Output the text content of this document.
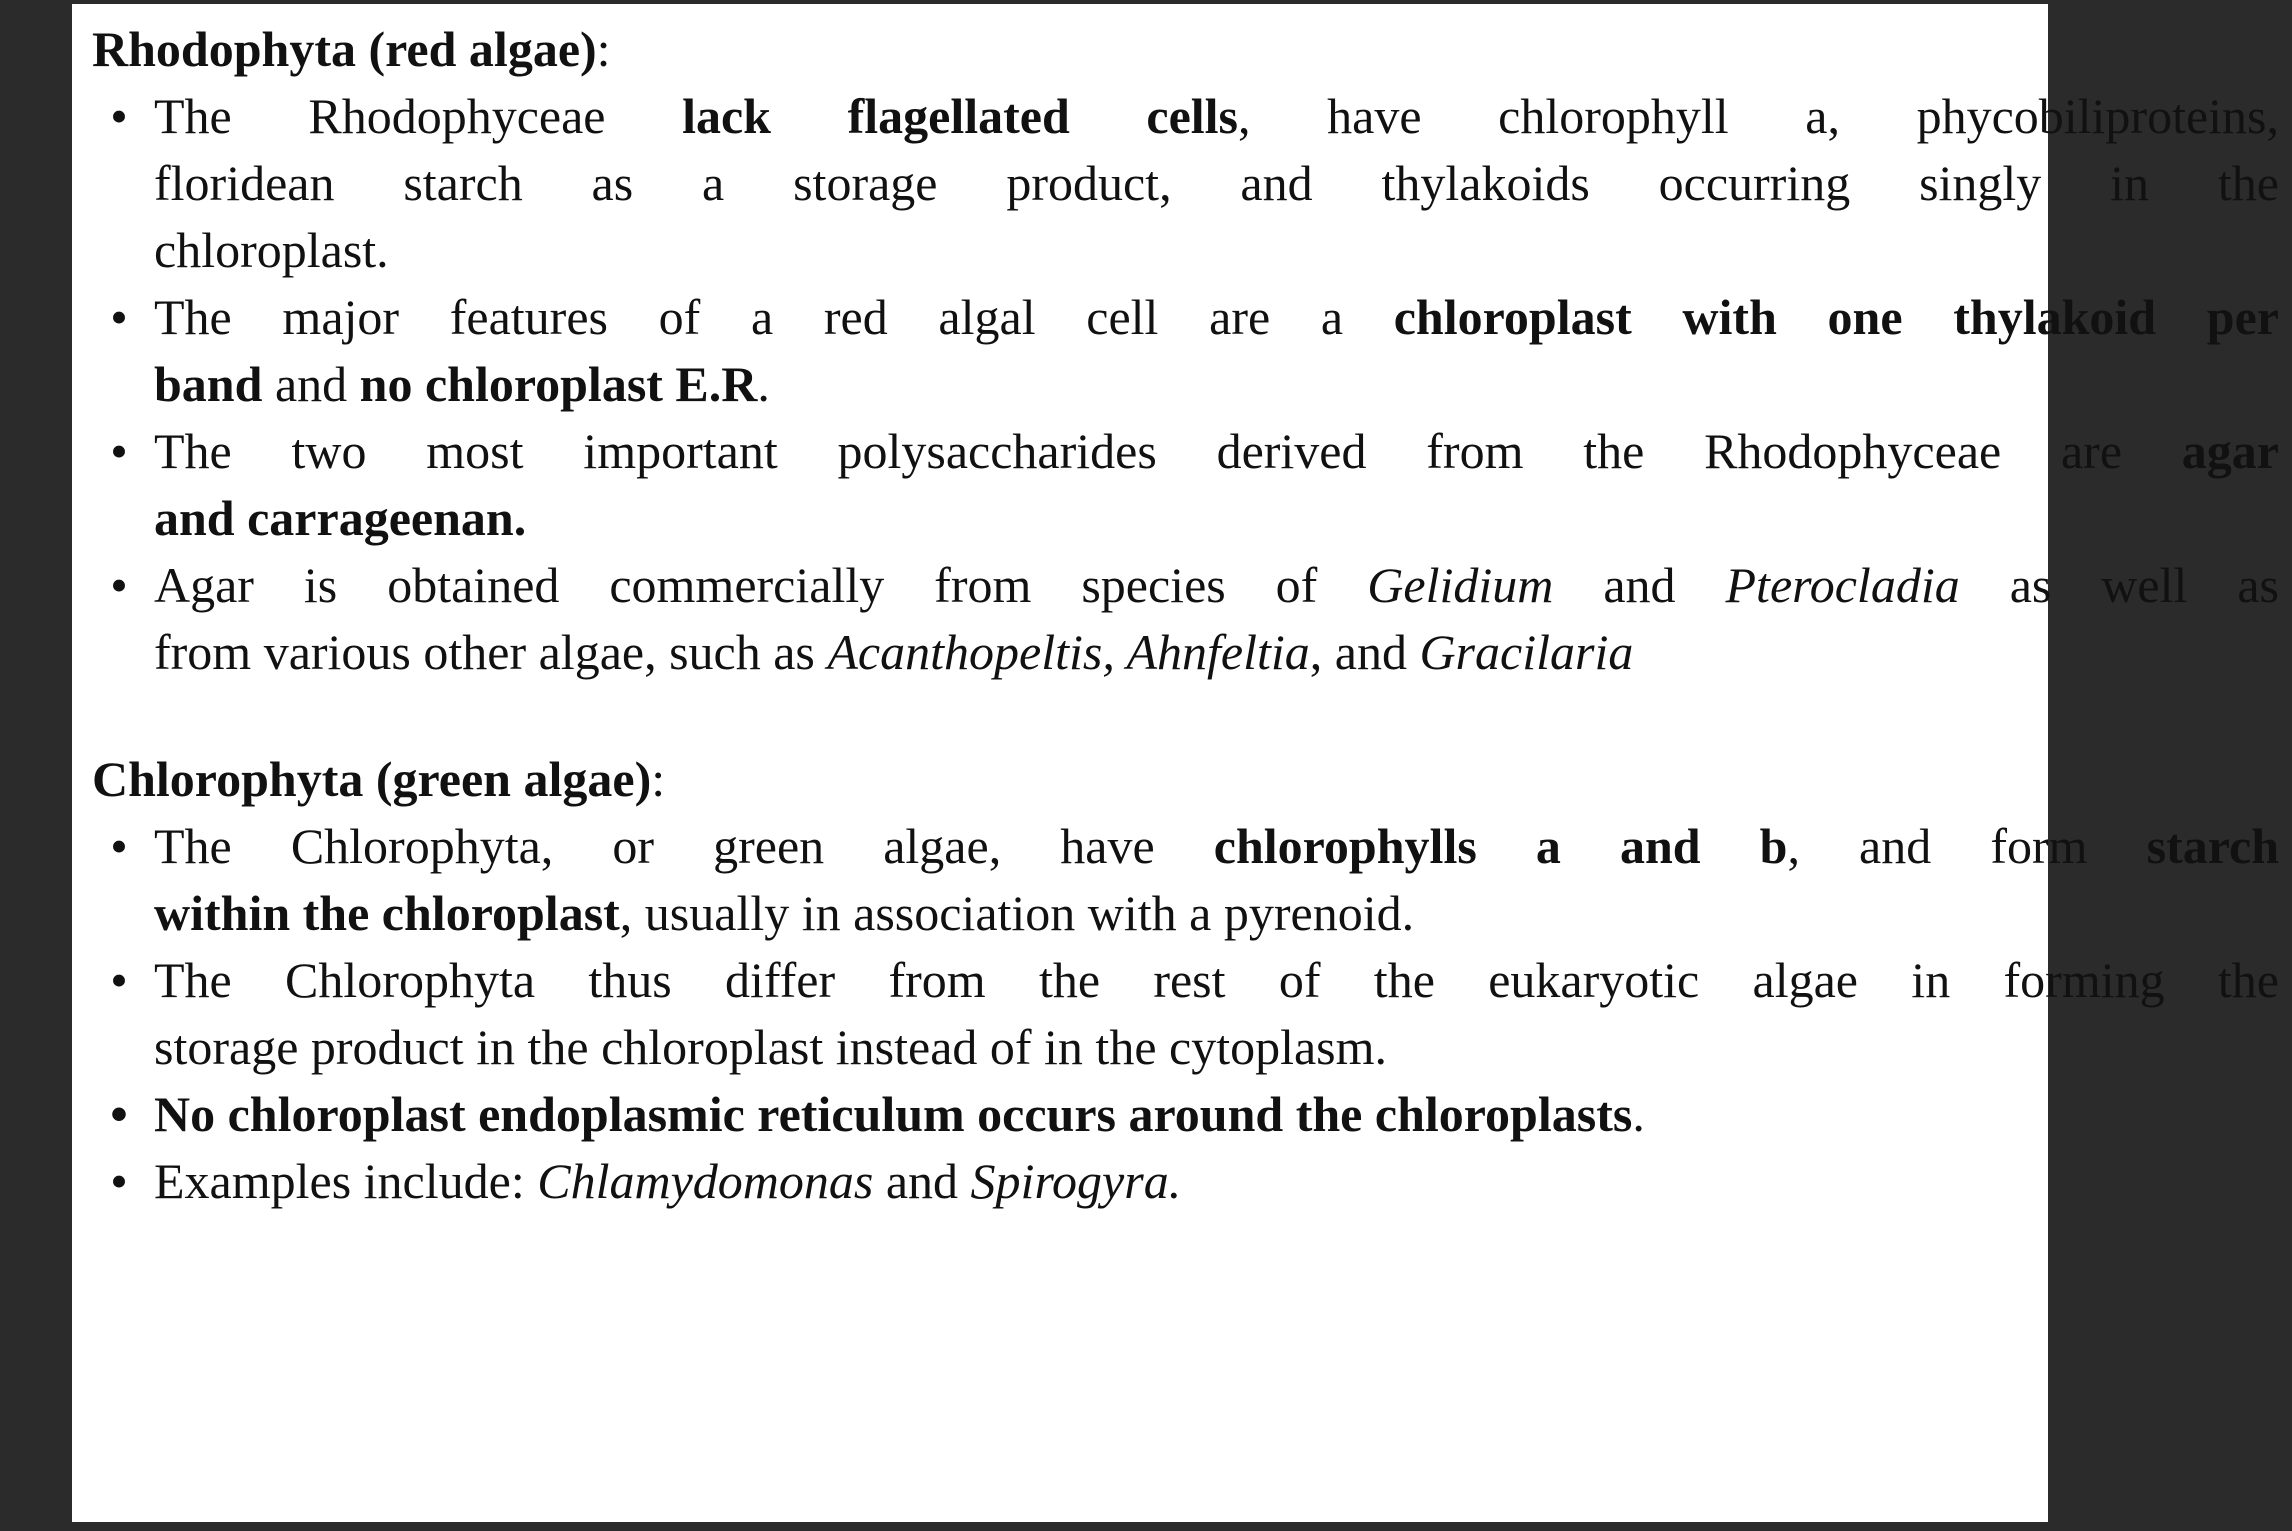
Rhodophyta (red algae):
• The Rhodophyceae lack flagellated cells, have chlorophyll a, phycobiliproteins,
floridean starch as a storage product, and thylakoids occurring singly in the
chloroplast.
• The major features of a red algal cell are a chloroplast with one thylakoid per
band and no chloroplast E.R.
• The two most important polysaccharides derived from the Rhodophyceae are agar
and carrageenan.
• Agar is obtained commercially from species of Gelidium and Pterocladia as well as
from various other algae, such as Acanthopeltis, Ahnfeltia, and Gracilaria
Chlorophyta (green algae):
• The Chlorophyta, or green algae, have chlorophylls a and b, and form starch
within the chloroplast, usually in association with a pyrenoid.
• The Chlorophyta thus differ from the rest of the eukaryotic algae in forming the
storage product in the chloroplast instead of in the cytoplasm.
• No chloroplast endoplasmic reticulum occurs around the chloroplasts.
• Examples include: Chlamydomonas and Spirogyra.
